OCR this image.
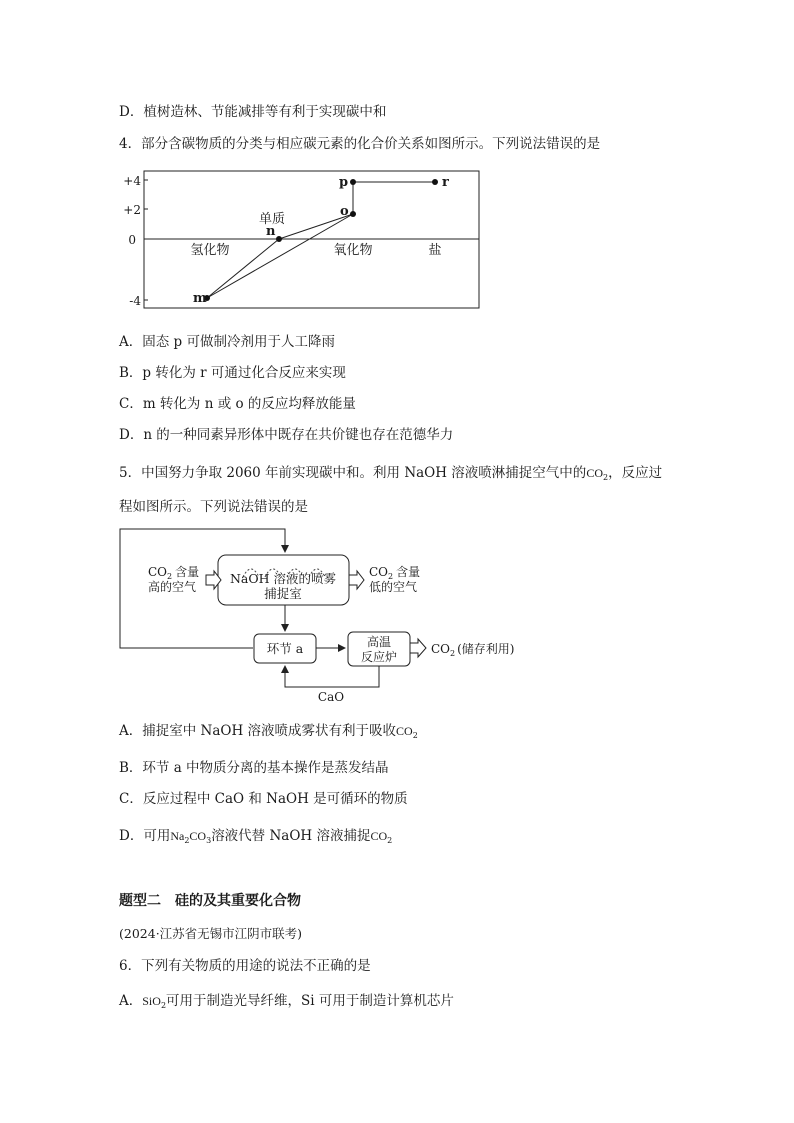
D．植树造林、节能减排等有利于实现碳中和
4．部分含碳物质的分类与相应碳元素的化合价关系如图所示。下列说法错误的是
+4
+2
0
-4
氢化物	氧化物	盐
单质
m
n
o
p	r
A．固态 p 可做制冷剂用于人工降雨
B．p 转化为 r 可通过化合反应来实现
C．m 转化为 n 或 o 的反应均释放能量
D．n 的一种同素异形体中既存在共价键也存在范德华力
5．中国努力争取 2060 年前实现碳中和。利用 NaOH 溶液喷淋捕捉空气中的$CO_2$，反应过
程如图所示。下列说法错误的是
NaOH 溶液的喷雾
捕捉室
$CO_2$ 含量
高的空气
$CO_2$ 含量
低的空气
环节 a	高温
反应炉
$CO_2$ (储存利用)
CaO
A．捕捉室中 NaOH 溶液喷成雾状有利于吸收$CO_2$
B．环节 a 中物质分离的基本操作是蒸发结晶
C．反应过程中 CaO 和 NaOH 是可循环的物质
D．可用$Na_2CO_3$溶液代替 NaOH 溶液捕捉$CO_2$
题型二　硅的及其重要化合物
(2024·江苏省无锡市江阴市联考)
6．下列有关物质的用途的说法不正确的是
A．SiO$_2$可用于制造光导纤维，Si 可用于制造计算机芯片
